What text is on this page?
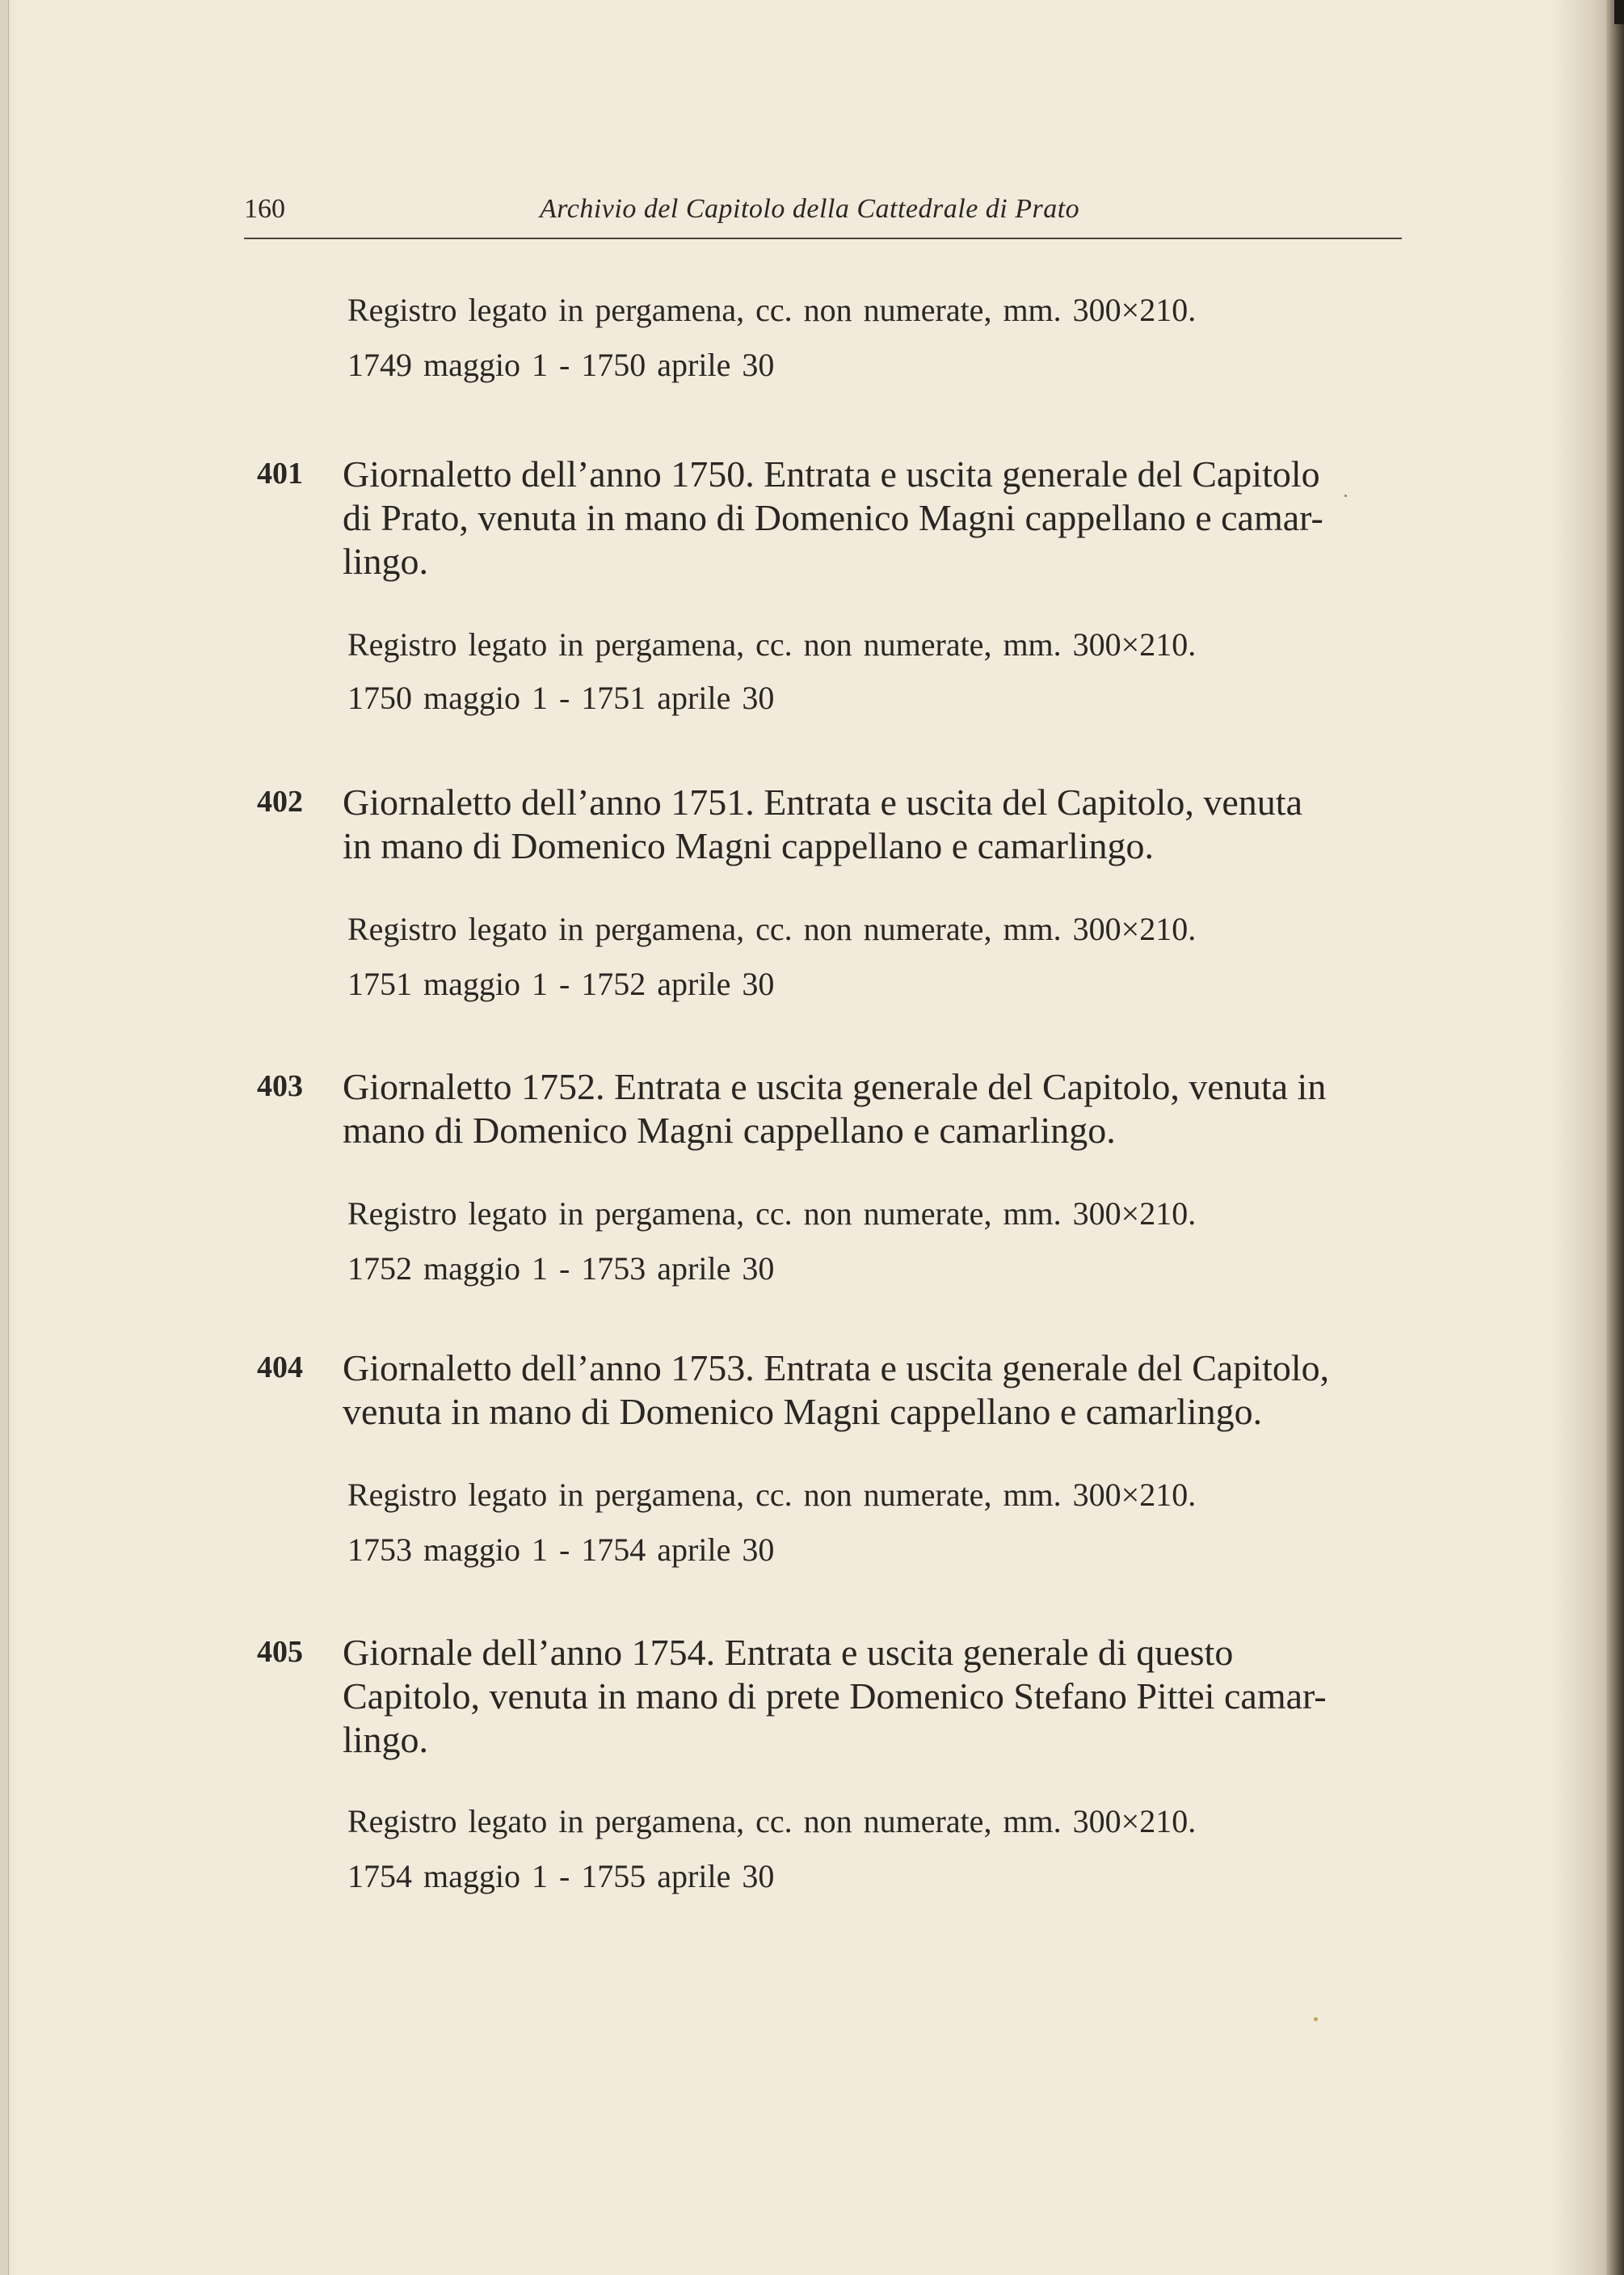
160	Archivio del Capitolo della Cattedrale di Prato
Registro legato in pergamena, cc. non numerate, mm. 300×210.
1749 maggio 1 - 1750 aprile 30
401 Giornaletto dell’anno 1750. Entrata e uscita generale del Capitolo
di Prato, venuta in mano di Domenico Magni cappellano e camar-
lingo.
Registro legato in pergamena, cc. non numerate, mm. 300×210.
1750 maggio 1 - 1751 aprile 30
402 Giornaletto dell’anno 1751. Entrata e uscita del Capitolo, venuta
in mano di Domenico Magni cappellano e camarlingo.
Registro legato in pergamena, cc. non numerate, mm. 300×210.
1751 maggio 1 - 1752 aprile 30
403 Giornaletto 1752. Entrata e uscita generale del Capitolo, venuta in
mano di Domenico Magni cappellano e camarlingo.
Registro legato in pergamena, cc. non numerate, mm. 300×210.
1752 maggio 1 - 1753 aprile 30
404 Giornaletto dell’anno 1753. Entrata e uscita generale del Capitolo,
venuta in mano di Domenico Magni cappellano e camarlingo.
Registro legato in pergamena, cc. non numerate, mm. 300×210.
1753 maggio 1 - 1754 aprile 30
405 Giornale dell’anno 1754. Entrata e uscita generale di questo
Capitolo, venuta in mano di prete Domenico Stefano Pittei camar-
lingo.
Registro legato in pergamena, cc. non numerate, mm. 300×210.
1754 maggio 1 - 1755 aprile 30
